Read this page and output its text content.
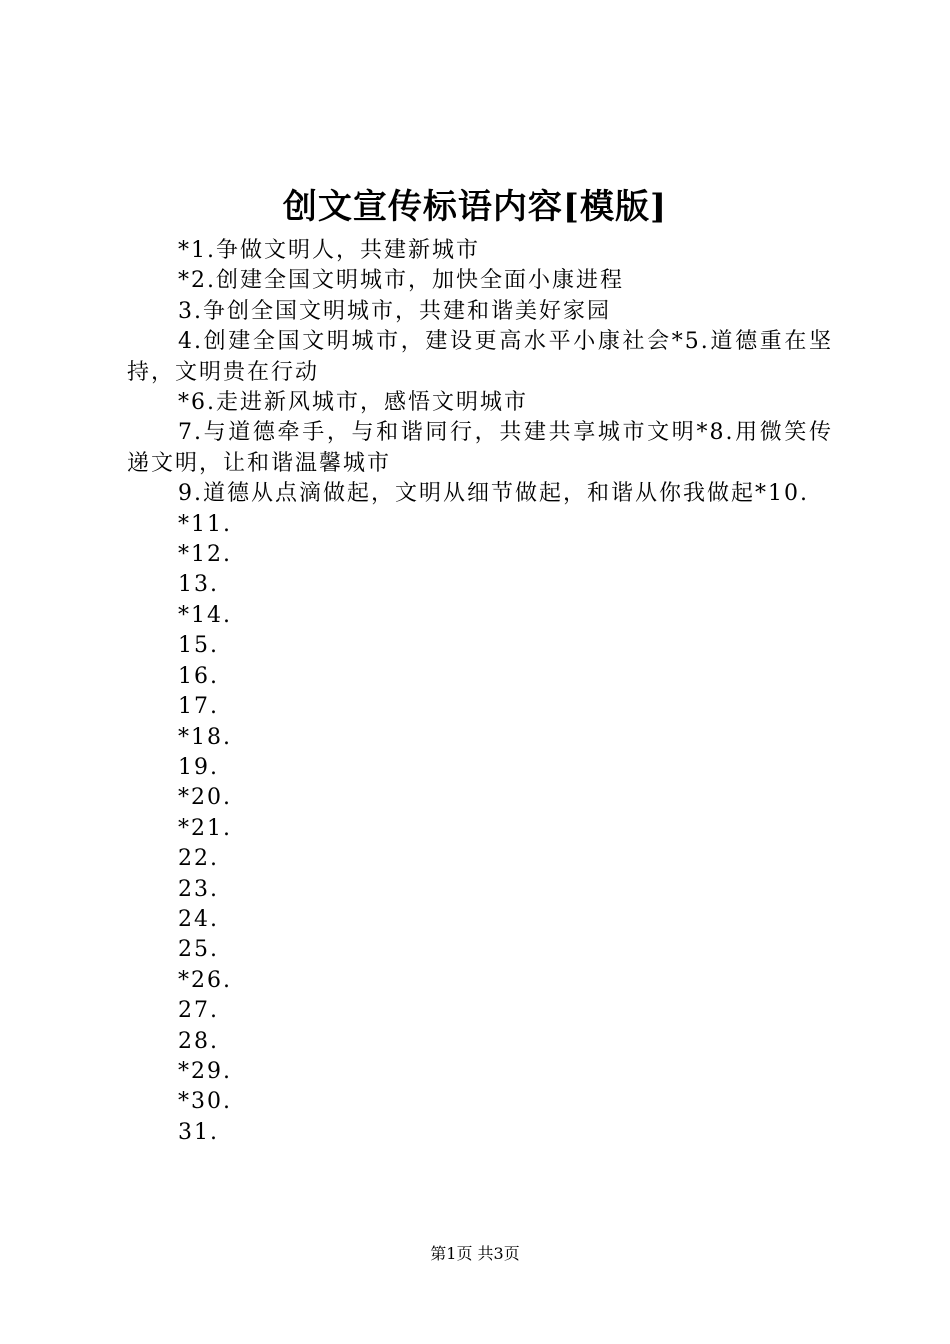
创文宣传标语内容[模版]

*1.争做文明人，共建新城市

*2.创建全国文明城市，加快全面小康进程

3.争创全国文明城市，共建和谐美好家园

4.创建全国文明城市，建设更高水平小康社会*5.道德重在坚持，文明贵在行动

*6.走进新风城市，感悟文明城市

7.与道德牵手，与和谐同行，共建共享城市文明*8.用微笑传递文明，让和谐温馨城市

9.道德从点滴做起，文明从细节做起，和谐从你我做起*10.

*11.

*12.

13.

*14.

15.

16.

17.

*18.

19.

*20.

*21.

22.

23.

24.

25.

*26.

27.

28.

*29.

*30.

31.

第1页 共3页
